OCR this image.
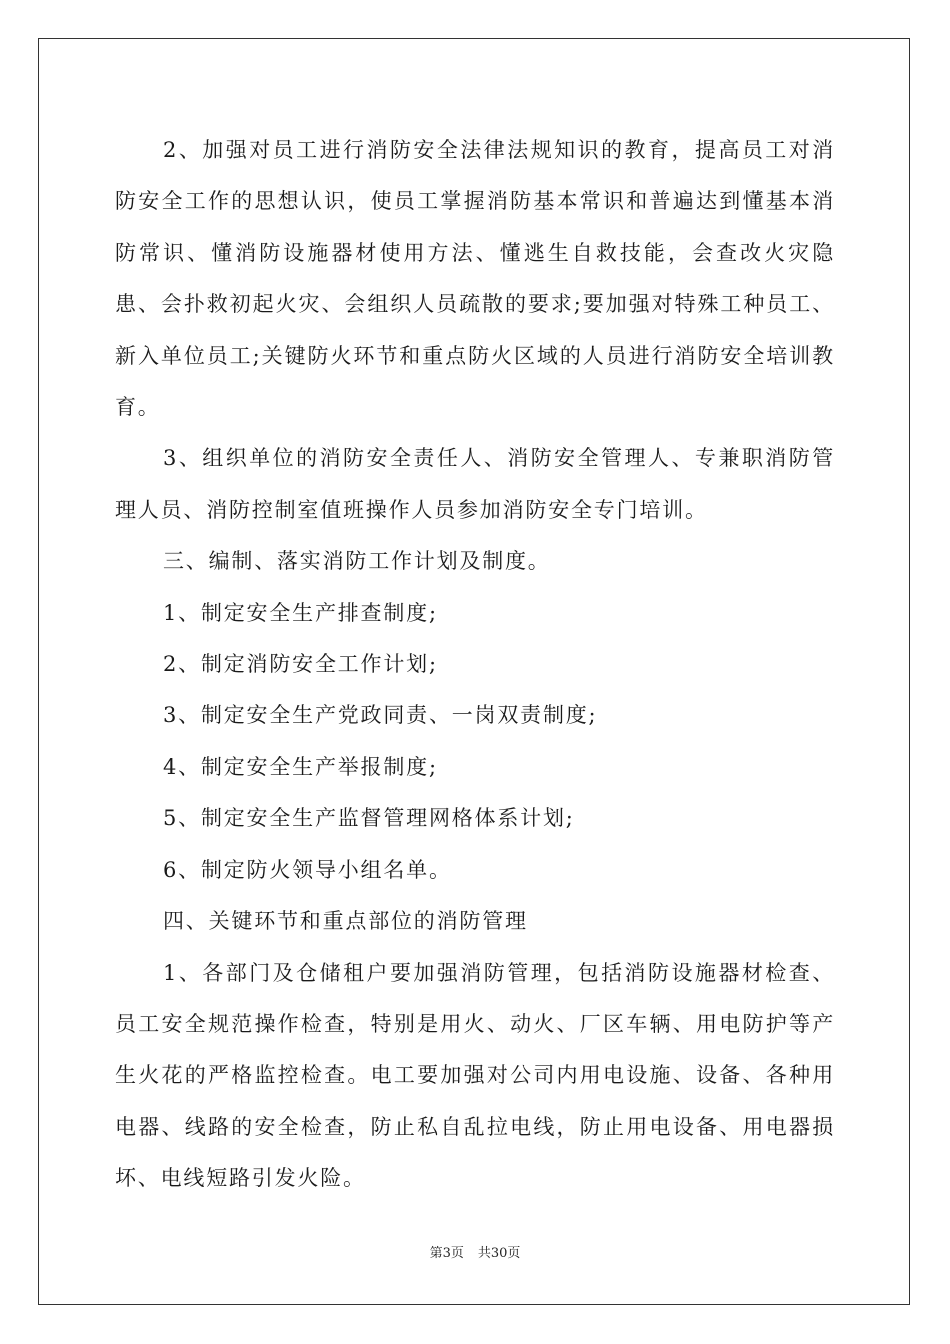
2、加强对员工进行消防安全法律法规知识的教育，提高员工对消防安全工作的思想认识，使员工掌握消防基本常识和普遍达到懂基本消防常识、懂消防设施器材使用方法、懂逃生自救技能，会查改火灾隐患、会扑救初起火灾、会组织人员疏散的要求;要加强对特殊工种员工、新入单位员工;关键防火环节和重点防火区域的人员进行消防安全培训教育。

3、组织单位的消防安全责任人、消防安全管理人、专兼职消防管理人员、消防控制室值班操作人员参加消防安全专门培训。

三、编制、落实消防工作计划及制度。

1、制定安全生产排查制度;

2、制定消防安全工作计划;

3、制定安全生产党政同责、一岗双责制度;

4、制定安全生产举报制度;

5、制定安全生产监督管理网格体系计划;

6、制定防火领导小组名单。

四、关键环节和重点部位的消防管理

1、各部门及仓储租户要加强消防管理，包括消防设施器材检查、员工安全规范操作检查，特别是用火、动火、厂区车辆、用电防护等产生火花的严格监控检查。电工要加强对公司内用电设施、设备、各种用电器、线路的安全检查，防止私自乱拉电线，防止用电设备、用电器损坏、电线短路引发火险。

第3页 共30页
